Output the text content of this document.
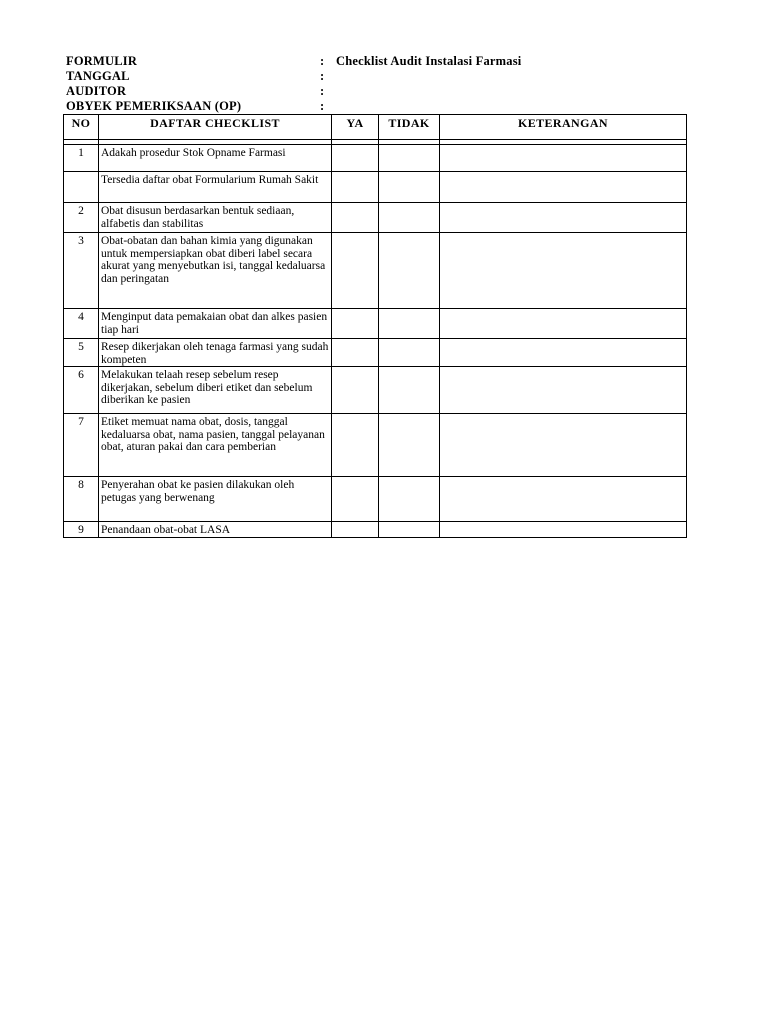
FORMULIR	: Checklist Audit Instalasi Farmasi
TANGGAL	:
AUDITOR	:
OBYEK PEMERIKSAAN (OP)	:
NO	DAFTAR CHECKLIST	YA	TIDAK	KETERANGAN

1	Adakah prosedur Stok Opname Farmasi			
	Tersedia daftar obat Formularium Rumah Sakit			
2	Obat disusun berdasarkan bentuk sediaan, alfabetis dan stabilitas			
3	Obat-obatan dan bahan kimia yang digunakan untuk mempersiapkan obat diberi label secara akurat yang menyebutkan isi, tanggal kedaluarsa dan peringatan			
4	Menginput data pemakaian obat dan alkes pasien tiap hari			
5	Resep dikerjakan oleh tenaga farmasi yang sudah kompeten			
6	Melakukan telaah resep sebelum resep dikerjakan, sebelum diberi etiket dan sebelum diberikan ke pasien			
7	Etiket memuat nama obat, dosis, tanggal kedaluarsa obat, nama pasien, tanggal pelayanan obat, aturan pakai dan cara pemberian			
8	Penyerahan obat ke pasien dilakukan oleh petugas yang berwenang			
9	Penandaan obat-obat LASA			
